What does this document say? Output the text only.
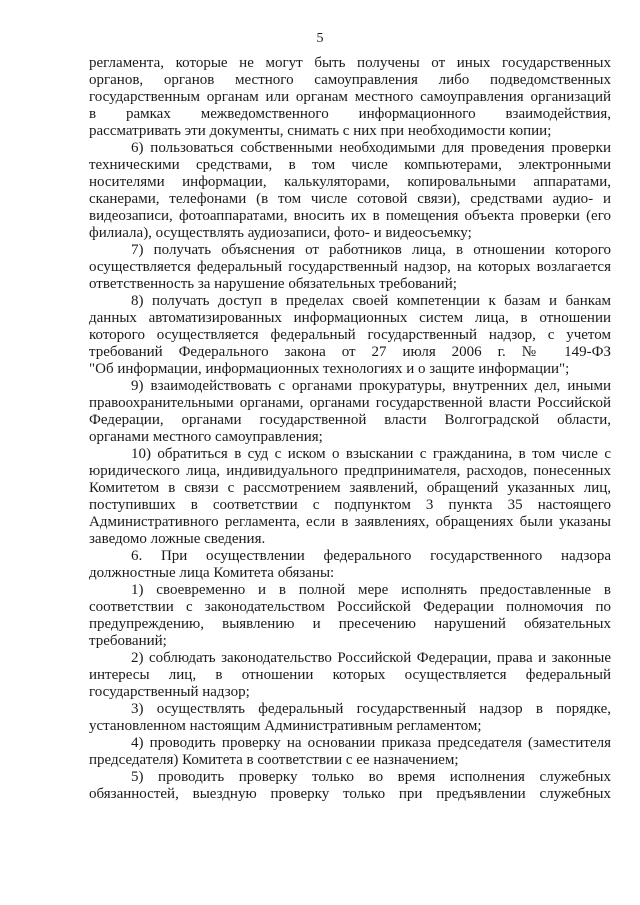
5
регламента, которые не могут быть получены от иных государственных
органов, органов местного самоуправления либо подведомственных
государственным органам или органам местного самоуправления организаций
в рамках межведомственного информационного взаимодействия,
рассматривать эти документы, снимать с них при необходимости копии;
6) пользоваться собственными необходимыми для проведения проверки
техническими средствами, в том числе компьютерами, электронными
носителями информации, калькуляторами, копировальными аппаратами,
сканерами, телефонами (в том числе сотовой связи), средствами аудио- и
видеозаписи, фотоаппаратами, вносить их в помещения объекта проверки (его
филиала), осуществлять аудиозаписи, фото- и видеосъемку;
7) получать объяснения от работников лица, в отношении которого
осуществляется федеральный государственный надзор, на которых возлагается
ответственность за нарушение обязательных требований;
8) получать доступ в пределах своей компетенции к базам и банкам
данных автоматизированных информационных систем лица, в отношении
которого осуществляется федеральный государственный надзор, с учетом
требований Федерального закона от 27 июля 2006 г. № 149-ФЗ
"Об информации, информационных технологиях и о защите информации";
9) взаимодействовать с органами прокуратуры, внутренних дел, иными
правоохранительными органами, органами государственной власти Российской
Федерации, органами государственной власти Волгоградской области,
органами местного самоуправления;
10) обратиться в суд с иском о взыскании с гражданина, в том числе с
юридического лица, индивидуального предпринимателя, расходов, понесенных
Комитетом в связи с рассмотрением заявлений, обращений указанных лиц,
поступивших в соответствии с подпунктом 3 пункта 35 настоящего
Административного регламента, если в заявлениях, обращениях были указаны
заведомо ложные сведения.
6. При осуществлении федерального государственного надзора
должностные лица Комитета обязаны:
1) своевременно и в полной мере исполнять предоставленные в
соответствии с законодательством Российской Федерации полномочия по
предупреждению, выявлению и пресечению нарушений обязательных
требований;
2) соблюдать законодательство Российской Федерации, права и законные
интересы лиц, в отношении которых осуществляется федеральный
государственный надзор;
3) осуществлять федеральный государственный надзор в порядке,
установленном настоящим Административным регламентом;
4) проводить проверку на основании приказа председателя (заместителя
председателя) Комитета в соответствии с ее назначением;
5) проводить проверку только во время исполнения служебных
обязанностей, выездную проверку только при предъявлении служебных
